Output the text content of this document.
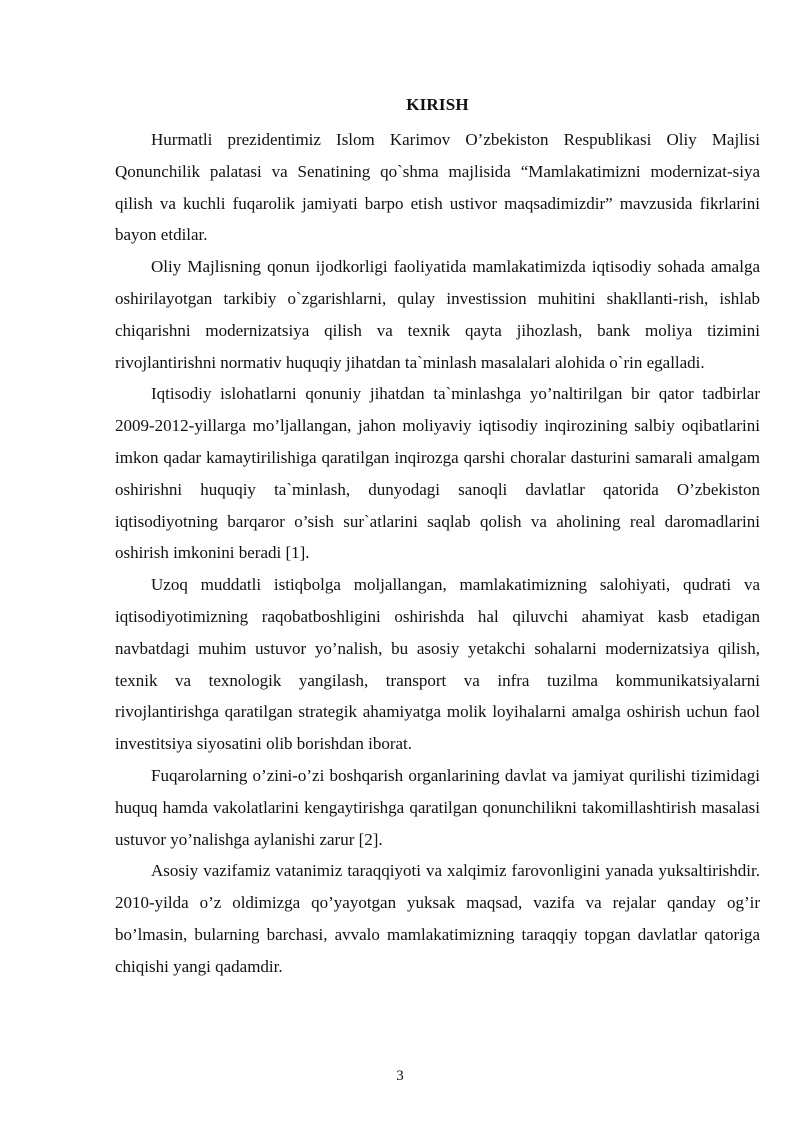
KIRISH

Hurmatli prezidentimiz Islom Karimov O’zbekiston Respublikasi Oliy Majlisi Qonunchilik palatasi va Senatining qo`shma majlisida “Mamlakatimizni modernizat-siya qilish va kuchli fuqarolik jamiyati barpo etish ustivor maqsadimizdir” mavzusida fikrlarini bayon etdilar.

Oliy Majlisning qonun ijodkorligi faoliyatida mamlakatimizda iqtisodiy sohada amalga oshirilayotgan tarkibiy o`zgarishlarni, qulay investission muhitini shakllanti-rish, ishlab chiqarishni modernizatsiya qilish va texnik qayta jihozlash, bank moliya tizimini rivojlantirishni normativ huquqiy jihatdan ta`minlash masalalari alohida o`rin egalladi.

Iqtisodiy islohatlarni qonuniy jihatdan ta`minlashga yo’naltirilgan bir qator tadbirlar 2009-2012-yillarga mo’ljallangan, jahon moliyaviy iqtisodiy inqirozining salbiy oqibatlarini imkon qadar kamaytirilishiga qaratilgan inqirozga qarshi choralar dasturini samarali amalgam oshirishni huquqiy ta`minlash, dunyodagi sanoqli davlatlar qatorida O’zbekiston iqtisodiyotning barqaror o’sish sur`atlarini saqlab qolish va aholining real daromadlarini oshirish imkonini beradi [1].

Uzoq muddatli istiqbolga moljallangan, mamlakatimizning salohiyati, qudrati va iqtisodiyotimizning raqobatboshligini oshirishda hal qiluvchi ahamiyat kasb etadigan navbatdagi muhim ustuvor yo’nalish, bu asosiy yetakchi sohalarni modernizatsiya qilish, texnik va texnologik yangilash, transport va infra tuzilma kommunikatsiyalarni rivojlantirishga qaratilgan strategik ahamiyatga molik loyihalarni amalga oshirish uchun faol investitsiya siyosatini olib borishdan iborat.

Fuqarolarning o’zini-o’zi boshqarish organlarining davlat va jamiyat qurilishi tizimidagi huquq hamda vakolatlarini kengaytirishga qaratilgan qonunchilikni takomillashtirish masalasi ustuvor yo’nalishga aylanishi zarur [2].

Asosiy vazifamiz vatanimiz taraqqiyoti va xalqimiz farovonligini yanada yuksaltirishdir. 2010-yilda o’z oldimizga qo’yayotgan yuksak maqsad, vazifa va rejalar qanday og’ir bo’lmasin, bularning barchasi, avvalo mamlakatimizning taraqqiy topgan davlatlar qatoriga chiqishi yangi qadamdir.

3
